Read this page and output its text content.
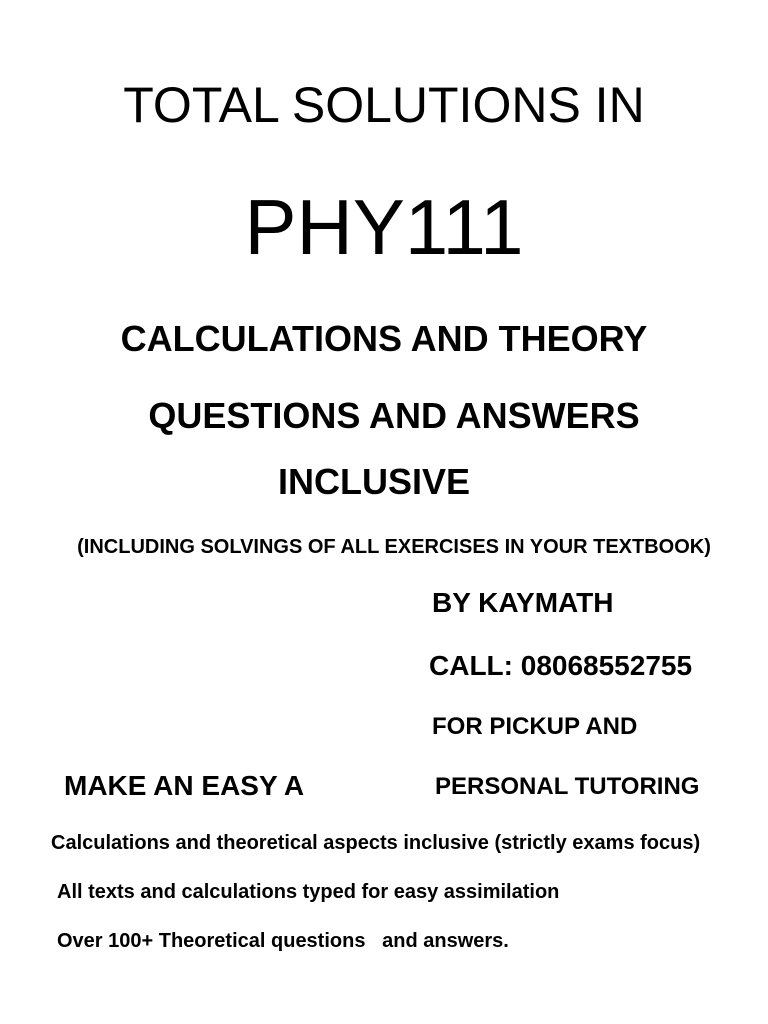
TOTAL SOLUTIONS IN
PHY111
CALCULATIONS AND THEORY
QUESTIONS AND ANSWERS
INCLUSIVE

(INCLUDING SOLVINGS OF ALL EXERCISES IN YOUR TEXTBOOK)

BY KAYMATH

CALL: 08068552755

FOR PICKUP AND

PERSONAL TUTORING

MAKE AN EASY A

Calculations and theoretical aspects inclusive (strictly exams focus)

All texts and calculations typed for easy assimilation

Over 100+ Theoretical questions   and answers.
